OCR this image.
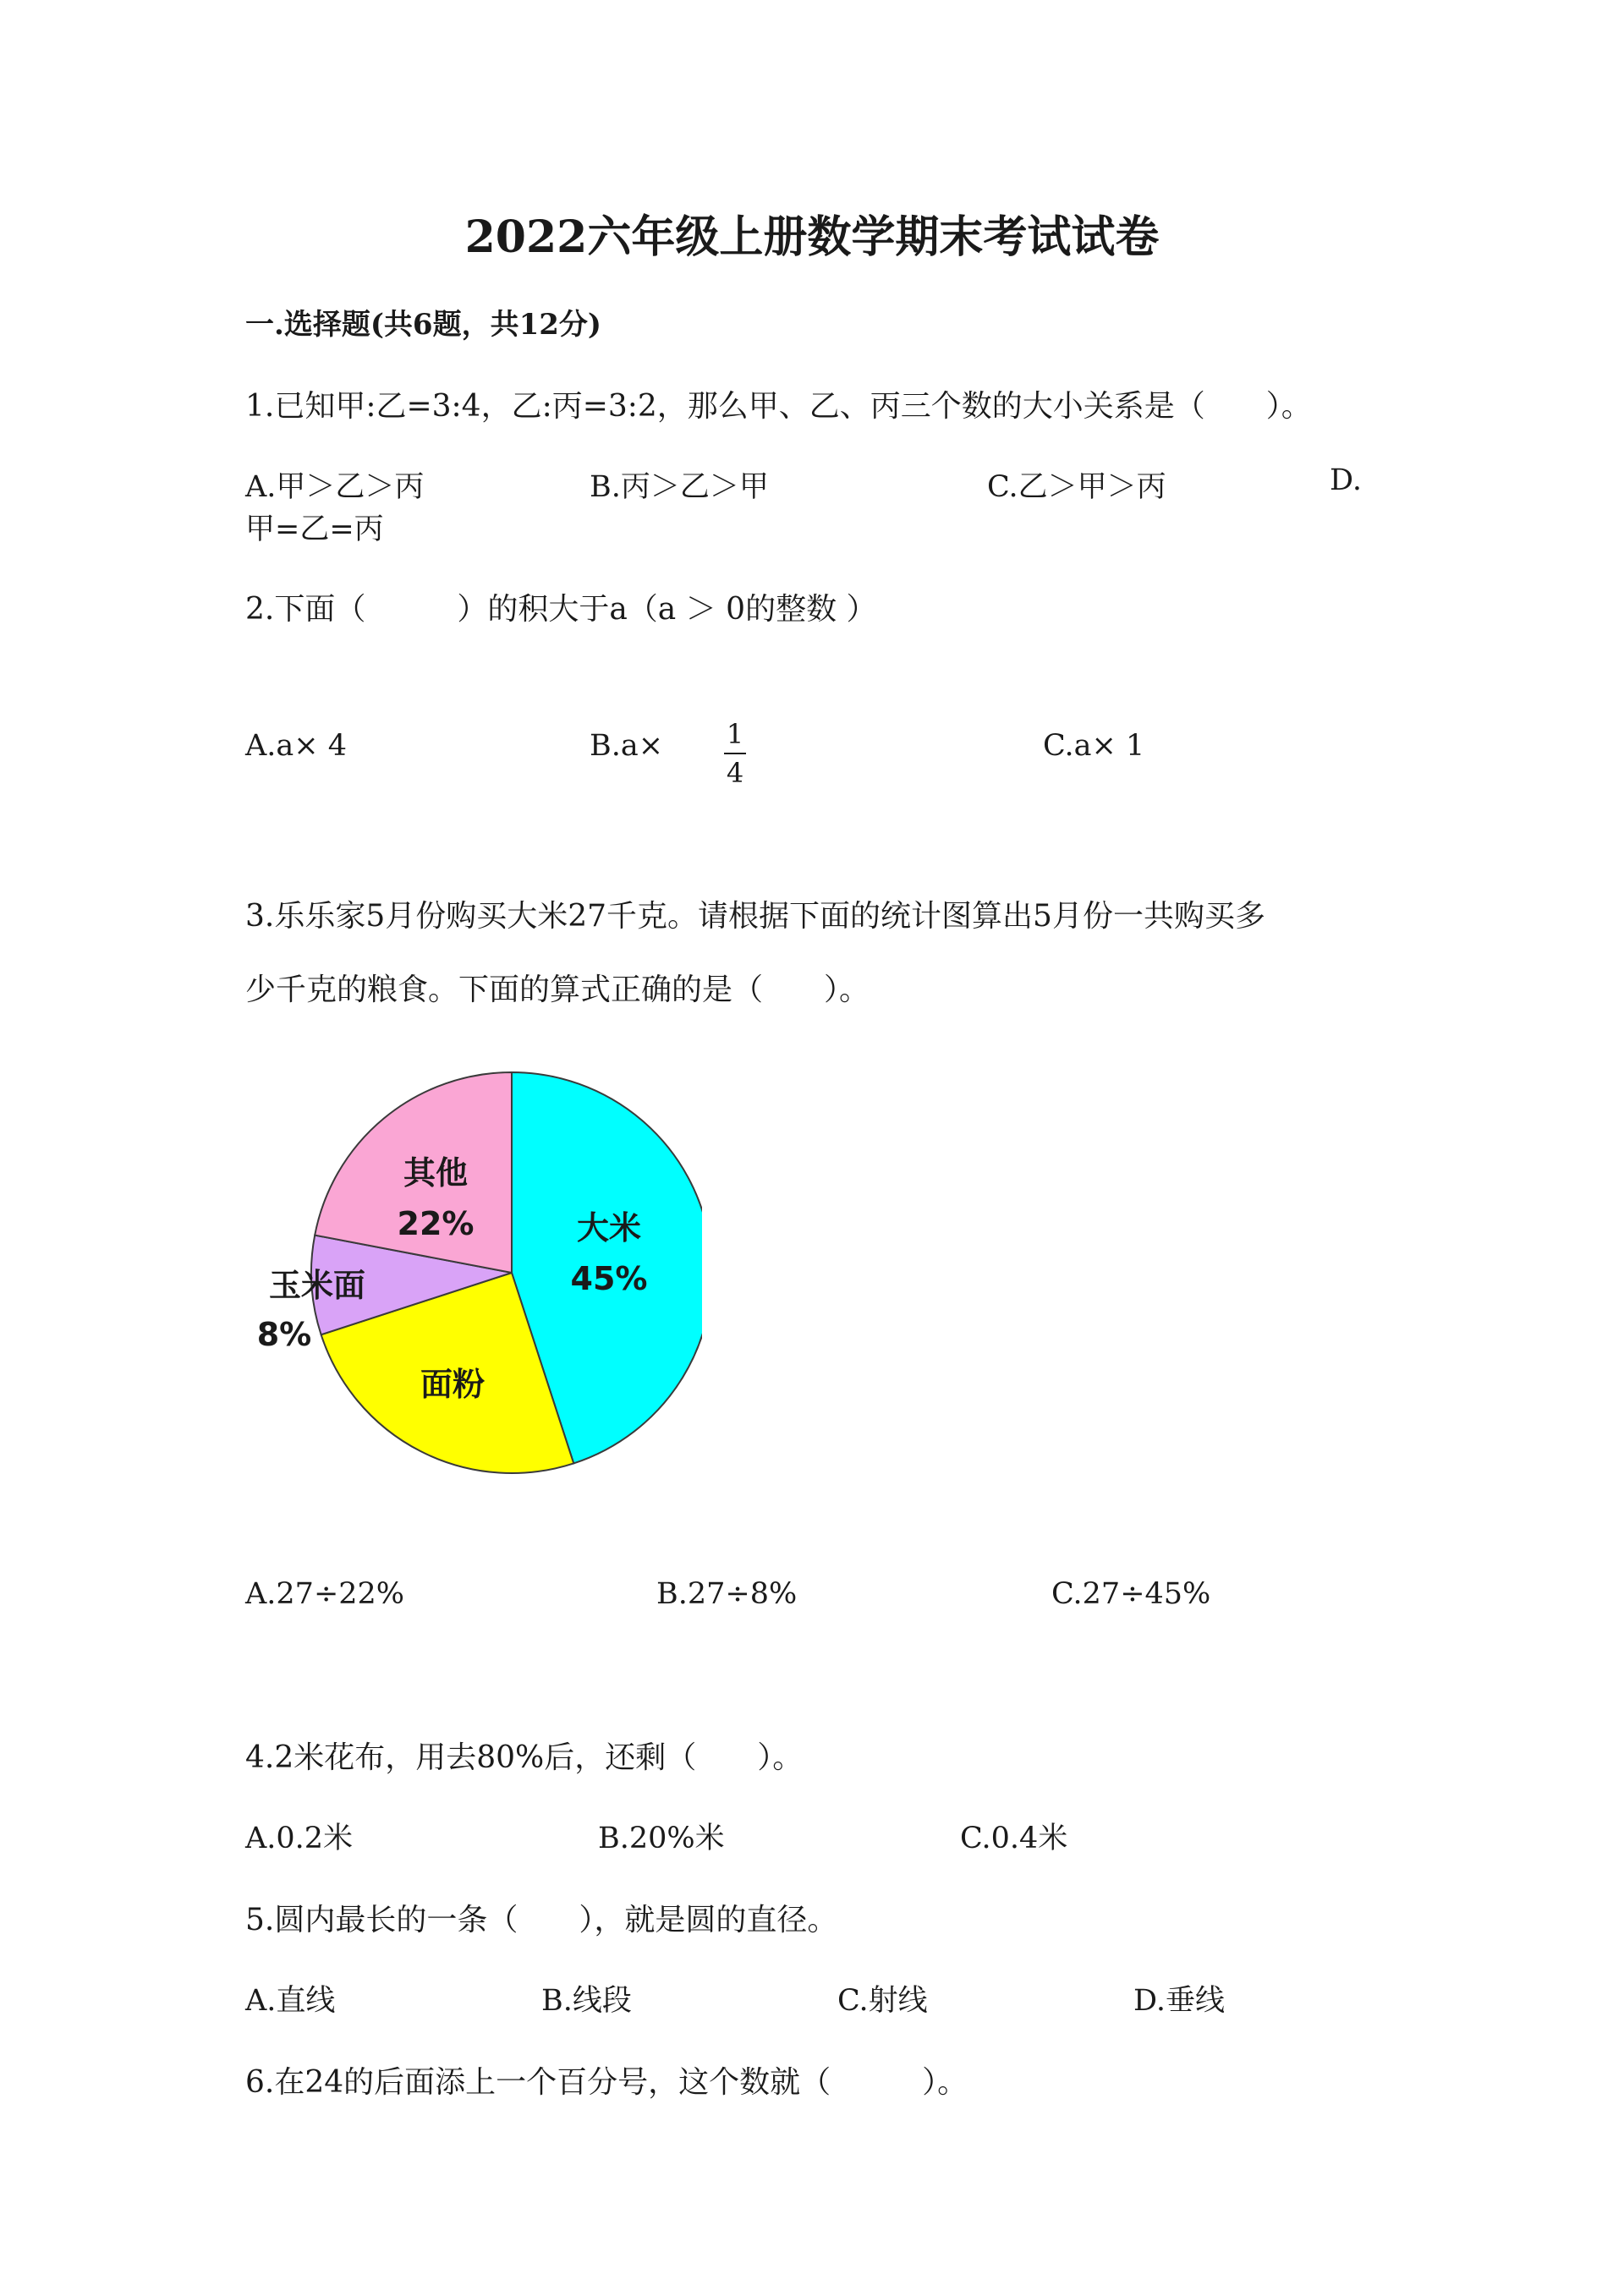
2022六年级上册数学期末考试试卷
一.选择题(共6题，共12分)
1.已知甲:乙=3:4，乙:丙=3:2，那么甲、乙、丙三个数的大小关系是（　　）。
A.甲＞乙＞丙	B.丙＞乙＞甲	C.乙＞甲＞丙	D.
甲=乙=丙
2.下面（　　　）的积大于a（a ＞ 0的整数 ）
A.a× 4	B.a× 1
4
C.a× 1
3.乐乐家5月份购买大米27千克。请根据下面的统计图算出5月份一共购买多
少千克的粮食。下面的算式正确的是（　　）。
大米
45%
面粉
玉米面
8%
其他
22%
A.27÷22%	B.27÷8%	C.27÷45%
4.2米花布，用去80%后，还剩（　　）。
A.0.2米	B.20%米	C.0.4米
5.圆内最长的一条（　　），就是圆的直径。
A.直线	B.线段	C.射线	D.垂线
6.在24的后面添上一个百分号，这个数就（　　　）。
